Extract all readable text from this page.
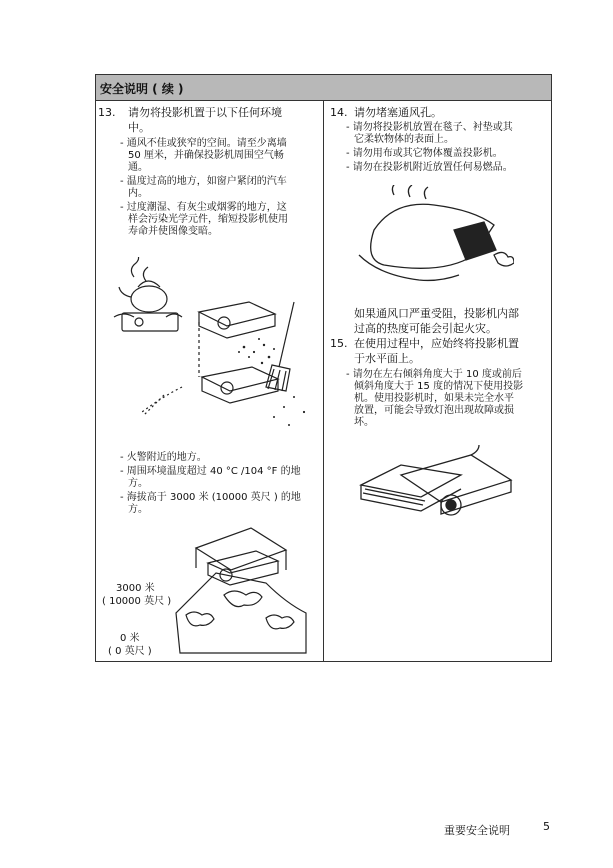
安全说明 ( 续 )
13. 请勿将投影机置于以下任何环境
中。
- 通风不佳或狭窄的空间。请至少离墙
50 厘米，并确保投影机周围空气畅
通。
- 温度过高的地方，如窗户紧闭的汽车
内。
- 过度潮湿、有灰尘或烟雾的地方，这
样会污染光学元件，缩短投影机使用
寿命并使图像变暗。
- 火警附近的地方。
- 周围环境温度超过 40 °C /104 °F 的地
方。
- 海拔高于 3000 米 (10000 英尺 ) 的地
方。
3000 米
( 10000 英尺 )
0 米
( 0 英尺 )
14. 请勿堵塞通风孔。
- 请勿将投影机放置在毯子、衬垫或其
它柔软物体的表面上。
- 请勿用布或其它物体覆盖投影机。
- 请勿在投影机附近放置任何易燃品。
如果通风口严重受阻，投影机内部
过高的热度可能会引起火灾。
15. 在使用过程中，应始终将投影机置
于水平面上。
- 请勿在左右倾斜角度大于 10 度或前后
倾斜角度大于 15 度的情况下使用投影
机。使用投影机时，如果未完全水平
放置，可能会导致灯泡出现故障或损
坏。
重要安全说明	5
